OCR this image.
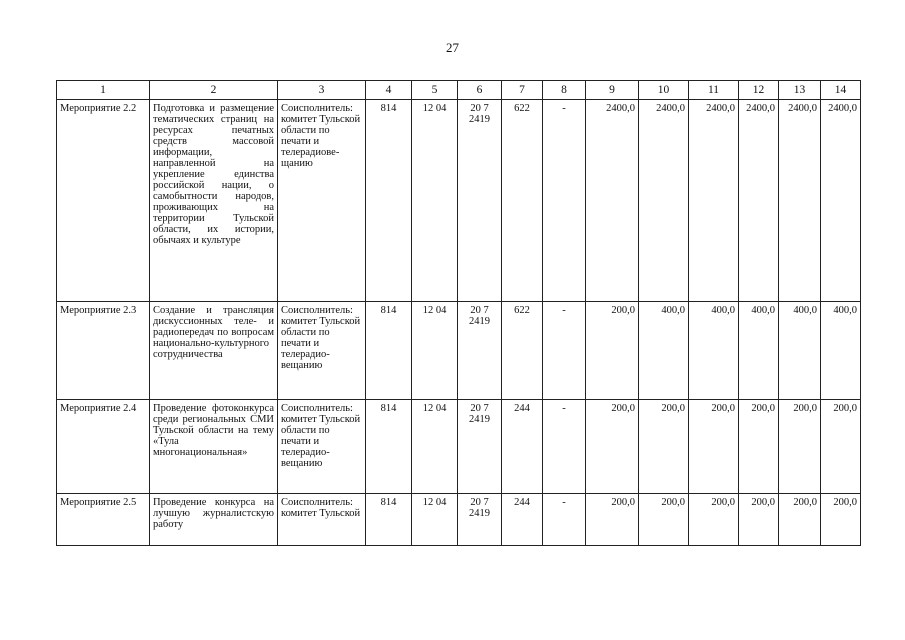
27
1	2	3	4	5	6	7	8	9	10	11	12	13	14
Мероприятие 2.2	Подготовка и размещение тематических страниц на ресурсах печатных средств массовой информации, направленной на укрепление единства российской нации, о самобытности народов, проживающих на территории Тульской области, их истории, обычаях и культуре	Соисполнитель: комитет Тульской области по печати и телерадиове-щанию	814	12 04	20 7 2419	622	-	2400,0	2400,0	2400,0	2400,0	2400,0	2400,0
Мероприятие 2.3	Создание и трансляция дискуссионных теле- и радиопередач по вопросам национально-культурного сотрудничества	Соисполнитель: комитет Тульской области по печати и телерадио-вещанию	814	12 04	20 7 2419	622	-	200,0	400,0	400,0	400,0	400,0	400,0
Мероприятие 2.4	Проведение фотоконкурса среди региональных СМИ Тульской области на тему «Тула многонациональная»	Соисполнитель: комитет Тульской области по печати и телерадио-вещанию	814	12 04	20 7 2419	244	-	200,0	200,0	200,0	200,0	200,0	200,0
Мероприятие 2.5	Проведение конкурса на лучшую журналистскую работу	Соисполнитель: комитет Тульской	814	12 04	20 7 2419	244	-	200,0	200,0	200,0	200,0	200,0	200,0
